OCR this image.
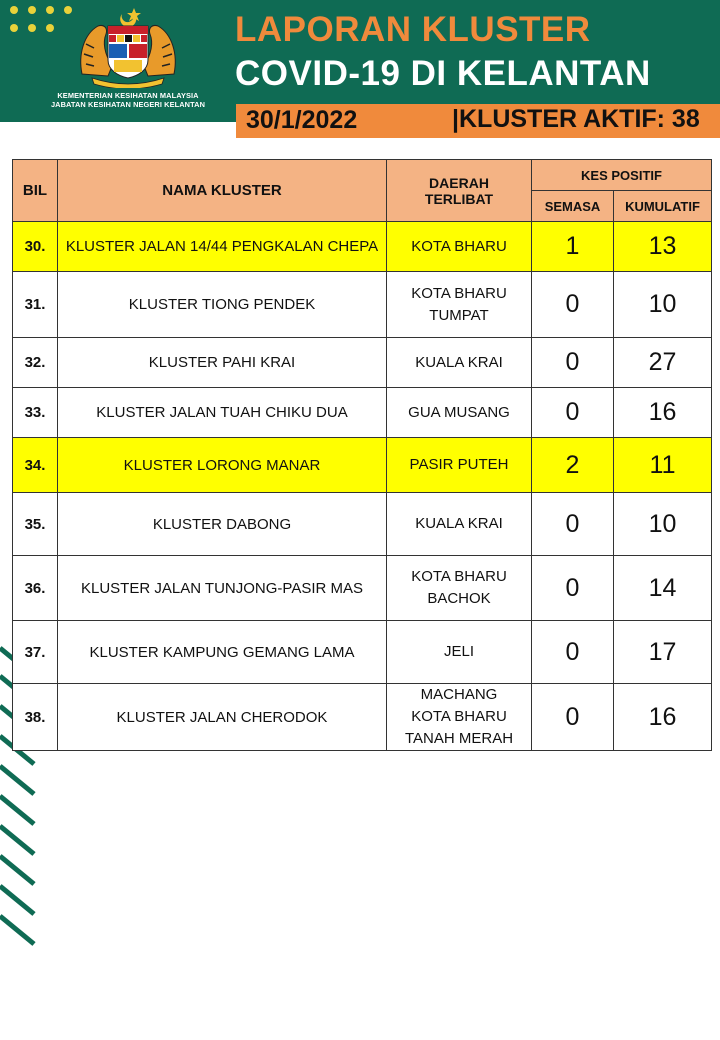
KEMENTERIAN KESIHATAN MALAYSIA
JABATAN KESIHATAN NEGERI KELANTAN
LAPORAN KLUSTER
COVID-19 DI KELANTAN
30/1/2022	|KLUSTER AKTIF: 38
BIL	NAMA KLUSTER	DAERAH
TERLIBAT	KES POSITIF	
			SEMASA	KUMULATIF
30.	KLUSTER JALAN 14/44 PENGKALAN CHEPA	KOTA BHARU	1	13
31.	KLUSTER TIONG PENDEK	KOTA BHARU
TUMPAT	0	10
32.	KLUSTER PAHI KRAI	KUALA KRAI	0	27
33.	KLUSTER JALAN TUAH CHIKU DUA	GUA MUSANG	0	16
34.	KLUSTER LORONG MANAR	PASIR PUTEH	2	11
35.	KLUSTER DABONG	KUALA KRAI	0	10
36.	KLUSTER JALAN TUNJONG-PASIR MAS	KOTA BHARU
BACHOK	0	14
37.	KLUSTER KAMPUNG GEMANG LAMA	JELI	0	17
38.	KLUSTER JALAN CHERODOK	MACHANG
KOTA BHARU
TANAH MERAH	0	16
